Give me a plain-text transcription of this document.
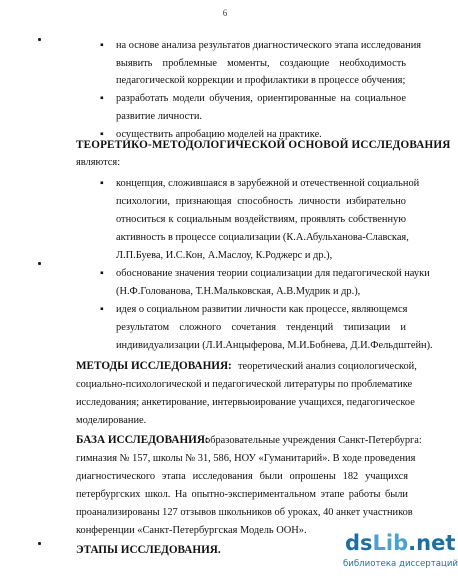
6
▪ на основе анализа результатов диагностического этапа исследования
выявить проблемные моменты, создающие необходимость
педагогической коррекции и профилактики в процессе обучения;
▪ разработать модели обучения, ориентированные на социальное
развитие личности.
▪ осуществить апробацию моделей на практике.
ТЕОРЕТИКО-МЕТОДОЛОГИЧЕСКОЙ ОСНОВОЙ ИССЛЕДОВАНИЯ
являются:
▪ концепция, сложившаяся в зарубежной и отечественной социальной
психологии, признающая способность личности избирательно
относиться к социальным воздействиям, проявлять собственную
активность в процессе социализации (К.А.Абульханова-Славская,
Л.П.Буева, И.С.Кон, А.Маслоу, К.Роджерс и др.),
▪ обоснование значения теории социализации для педагогической науки
(Н.Ф.Голованова, Т.Н.Мальковская, А.В.Мудрик и др.),
▪ идея о социальном развитии личности как процессе, являющемся
результатом сложного сочетания тенденций типизации и
индивидуализации (Л.И.Анцыферова, М.И.Бобнева, Д.И.Фельдштейн).
МЕТОДЫ ИССЛЕДОВАНИЯ: теоретический анализ социологической,
социально-психологической и педагогической литературы по проблематике
исследования; анкетирование, интервьюирование учащихся, педагогическое
моделирование.
БАЗА ИССЛЕДОВАНИЯ:
образовательные учреждения Санкт-Петербурга:
гимназия № 157, школы № 31, 586, НОУ «Гуманитарий». В ходе проведения
диагностического этапа исследования были опрошены 182 учащихся
петербургских школ. На опытно-экспериментальном этапе работы были
проанализированы 127 отзывов школьников об уроках, 40 анкет участников
конференции «Санкт-Петербургская Модель ООН».
ЭТАПЫ ИССЛЕДОВАНИЯ.	dsLib.net
библиотека диссертаций
